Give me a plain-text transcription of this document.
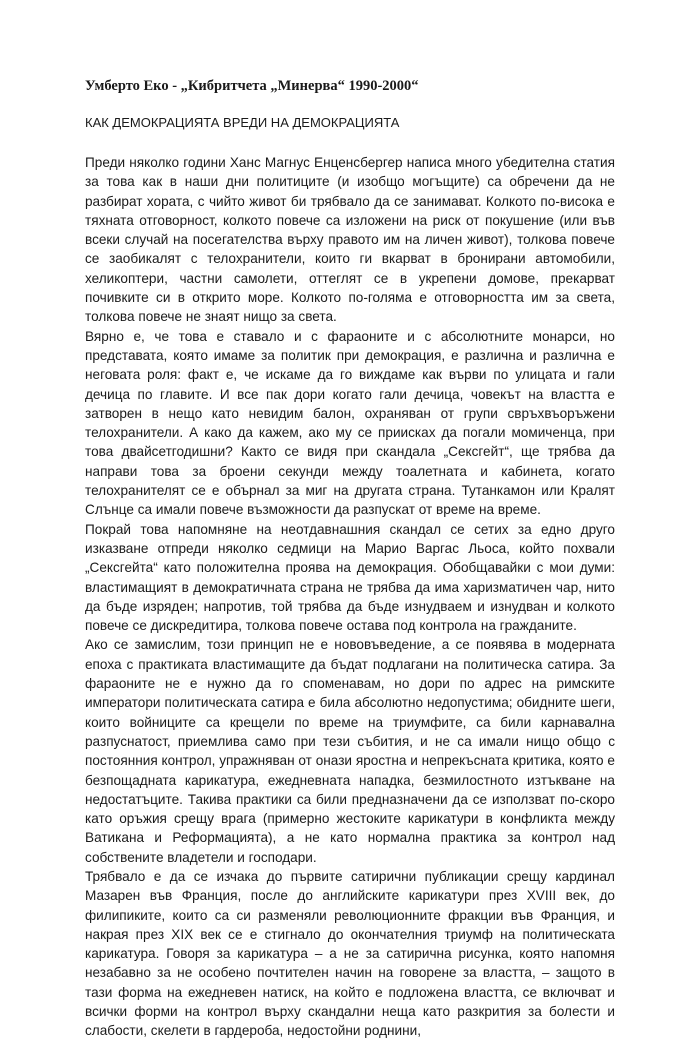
Умберто Еко - „Кибритчета „Минерва“ 1990-2000“
КАК ДЕМОКРАЦИЯТА ВРЕДИ НА ДЕМОКРАЦИЯТА

Преди няколко години Ханс Магнус Енценсбергер написа много убедителна статия за това как в наши дни политиците (и изобщо могъщите) са обречени да не разбират хората, с чийто живот би трябвало да се занимават. Колкото по-висока е тяхната отговорност, колкото повече са изложени на риск от покушение (или във всеки случай на посегателства върху правото им на личен живот), толкова повече се заобикалят с телохранители, които ги вкарват в бронирани автомобили, хеликоптери, частни самолети, оттеглят се в укрепени домове, прекарват почивките си в открито море. Колкото по-голяма е отговорността им за света, толкова повече не знаят нищо за света.

Вярно е, че това е ставало и с фараоните и с абсолютните монарси, но представата, която имаме за политик при демокрация, е различна и различна е неговата роля: факт е, че искаме да го виждаме как върви по улицата и гали дечица по главите. И все пак дори когато гали дечица, човекът на властта е затворен в нещо като невидим балон, охраняван от групи свръхвъоръжени телохранители. А како да кажем, ако му се приисках да погали момиченца, при това двайсетгодишни? Както се видя при скандала „Сексгейт“, ще трябва да направи това за броени секунди между тоалетната и кабинета, когато телохранителят се е обърнал за миг на другата страна. Тутанкамон или Кралят Слънце са имали повече възможности да разпускат от време на време.

Покрай това напомняне на неотдавнашния скандал се сетих за едно друго изказване отпреди няколко седмици на Марио Варгас Льоса, който похвали „Сексгейта“ като положителна проява на демокрация. Обобщавайки с мои думи: властимащият в демократичната страна не трябва да има харизматичен чар, нито да бъде изряден; напротив, той трябва да бъде изнудваем и изнудван и колкото повече се дискредитира, толкова повече остава под контрола на гражданите.

Ако се замислим, този принцип не е нововъведение, а се появява в модерната епоха с практиката властимащите да бъдат подлагани на политическа сатира. За фараоните не е нужно да го споменавам, но дори по адрес на римските императори политическата сатира е била абсолютно недопустима; обидните шеги, които войниците са крещели по време на триумфите, са били карнавална разпуснатост, приемлива само при тези събития, и не са имали нищо общо с постоянния контрол, упражняван от онази яростна и непрекъсната критика, която е безпощадната карикатура, ежедневната нападка, безмилостното изтъкване на недостатъците. Такива практики са били предназначени да се използват по-скоро като оръжия срещу врага (примерно жестоките карикатури в конфликта между Ватикана и Реформацията), а не като нормална практика за контрол над собствените владетели и господари.

Трябвало е да се изчака до първите сатирични публикации срещу кардинал Мазарен във Франция, после до английските карикатури през XVIII век, до филипиките, които са си разменяли революционните фракции във Франция, и накрая през XIX век се е стигнало до окончателния триумф на политическата карикатура. Говоря за карикатура – а не за сатирична рисунка, която напомня незабавно за не особено почтителен начин на говорене за властта, – защото в тази форма на ежедневен натиск, на който е подложена властта, се включват и всички форми на контрол върху скандални неща като разкрития за болести и слабости, скелети в гардероба, недостойни роднини,
